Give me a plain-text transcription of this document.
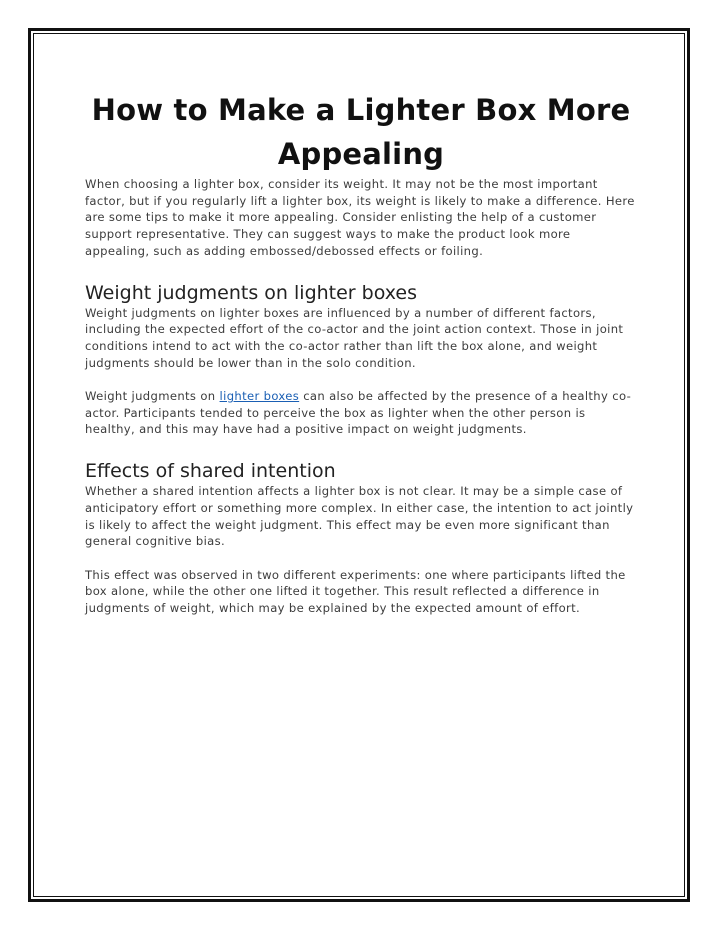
How to Make a Lighter Box More Appealing

When choosing a lighter box, consider its weight. It may not be the most important factor, but if you regularly lift a lighter box, its weight is likely to make a difference. Here are some tips to make it more appealing. Consider enlisting the help of a customer support representative. They can suggest ways to make the product look more appealing, such as adding embossed/debossed effects or foiling.

Weight judgments on lighter boxes

Weight judgments on lighter boxes are influenced by a number of different factors, including the expected effort of the co-actor and the joint action context. Those in joint conditions intend to act with the co-actor rather than lift the box alone, and weight judgments should be lower than in the solo condition.

Weight judgments on lighter boxes can also be affected by the presence of a healthy co-actor. Participants tended to perceive the box as lighter when the other person is healthy, and this may have had a positive impact on weight judgments.

Effects of shared intention

Whether a shared intention affects a lighter box is not clear. It may be a simple case of anticipatory effort or something more complex. In either case, the intention to act jointly is likely to affect the weight judgment. This effect may be even more significant than general cognitive bias.

This effect was observed in two different experiments: one where participants lifted the box alone, while the other one lifted it together. This result reflected a difference in judgments of weight, which may be explained by the expected amount of effort.
